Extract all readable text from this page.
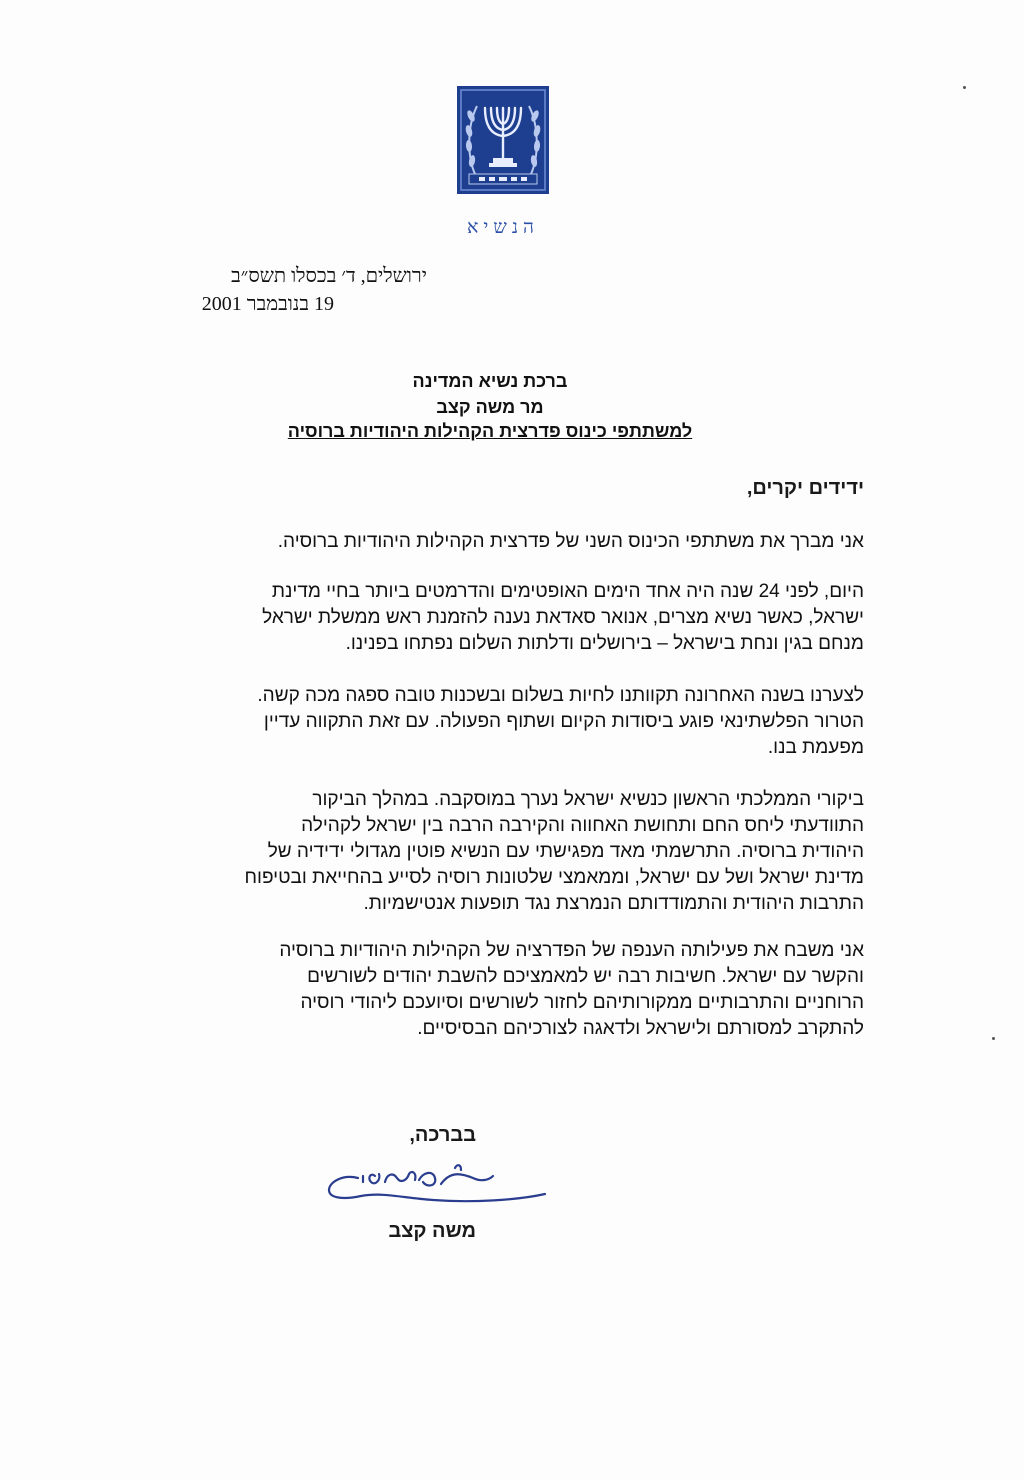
הנשיא
ירושלים, ד׳ בכסלו תשס״ב
19 בנובמבר 2001
ברכת נשיא המדינה
מר משה קצב
למשתתפי כינוס פדרצית הקהילות היהודיות ברוסיה
ידידים יקרים,
אני מברך את משתתפי הכינוס השני של פדרצית הקהילות היהודיות ברוסיה.
היום, לפני 24 שנה היה אחד הימים האופטימים והדרמטים ביותר בחיי מדינת
ישראל, כאשר נשיא מצרים, אנואר סאדאת נענה להזמנת ראש ממשלת ישראל
מנחם בגין ונחת בישראל – בירושלים ודלתות השלום נפתחו בפנינו.
לצערנו בשנה האחרונה תקוותנו לחיות בשלום ובשכנות טובה ספגה מכה קשה.
הטרור הפלשתינאי פוגע ביסודות הקיום ושתוף הפעולה. עם זאת התקווה עדיין
מפעמת בנו.
ביקורי הממלכתי הראשון כנשיא ישראל נערך במוסקבה. במהלך הביקור
התוודעתי ליחס החם ותחושת האחווה והקירבה הרבה בין ישראל לקהילה
היהודית ברוסיה. התרשמתי מאד מפגישתי עם הנשיא פוטין מגדולי ידידיה של
מדינת ישראל ושל עם ישראל, וממאמצי שלטונות רוסיה לסייע בהחייאת ובטיפוח
התרבות היהודית והתמודדותם הנמרצת נגד תופעות אנטישמיות.
אני משבח את פעילותה הענפה של הפדרציה של הקהילות היהודיות ברוסיה
והקשר עם ישראל. חשיבות רבה יש למאמציכם להשבת יהודים לשורשים
הרוחניים והתרבותיים ממקורותיהם לחזור לשורשים וסיועכם ליהודי רוסיה
להתקרב למסורתם ולישראל ולדאגה לצורכיהם הבסיסיים.
בברכה,
משה קצב
